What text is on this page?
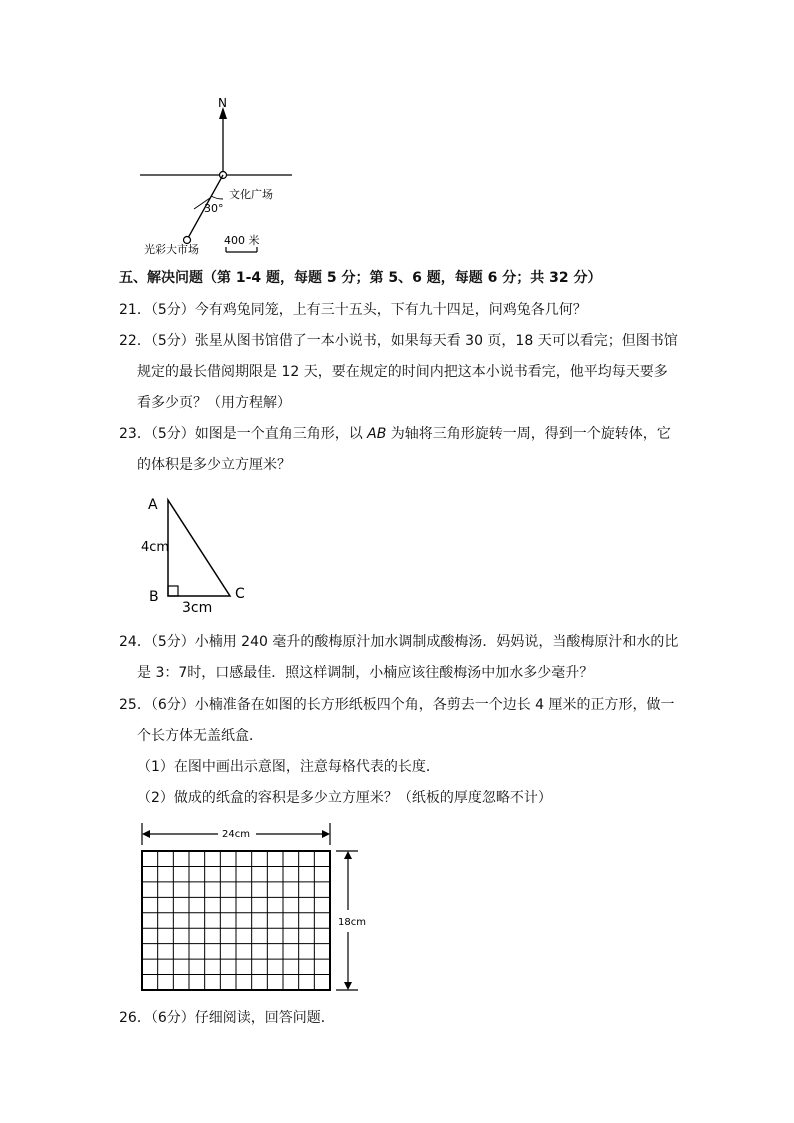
N
30°
文化广场
光彩大市场
400 米
五、解决问题（第 1-4 题，每题 5 分；第 5、6 题，每题 6 分；共 32 分）
21．（5分）今有鸡兔同笼，上有三十五头，下有九十四足，问鸡兔各几何？
22．（5分）张星从图书馆借了一本小说书，如果每天看 30 页，18 天可以看完；但图书馆
规定的最长借阅期限是 12 天，要在规定的时间内把这本小说书看完，他平均每天要多
看多少页？（用方程解）
23．（5分）如图是一个直角三角形，以 AB 为轴将三角形旋转一周，得到一个旋转体，它
的体积是多少立方厘米？
A
B	C
4cm
3cm
24．（5分）小楠用 240 毫升的酸梅原汁加水调制成酸梅汤．妈妈说，当酸梅原汁和水的比
是 3：7时，口感最佳．照这样调制，小楠应该往酸梅汤中加水多少毫升？
25．（6分）小楠准备在如图的长方形纸板四个角，各剪去一个边长 4 厘米的正方形，做一
个长方体无盖纸盒．
（1）在图中画出示意图，注意每格代表的长度．
（2）做成的纸盒的容积是多少立方厘米？（纸板的厚度忽略不计）
24cm
18cm
26．（6分）仔细阅读，回答问题．
